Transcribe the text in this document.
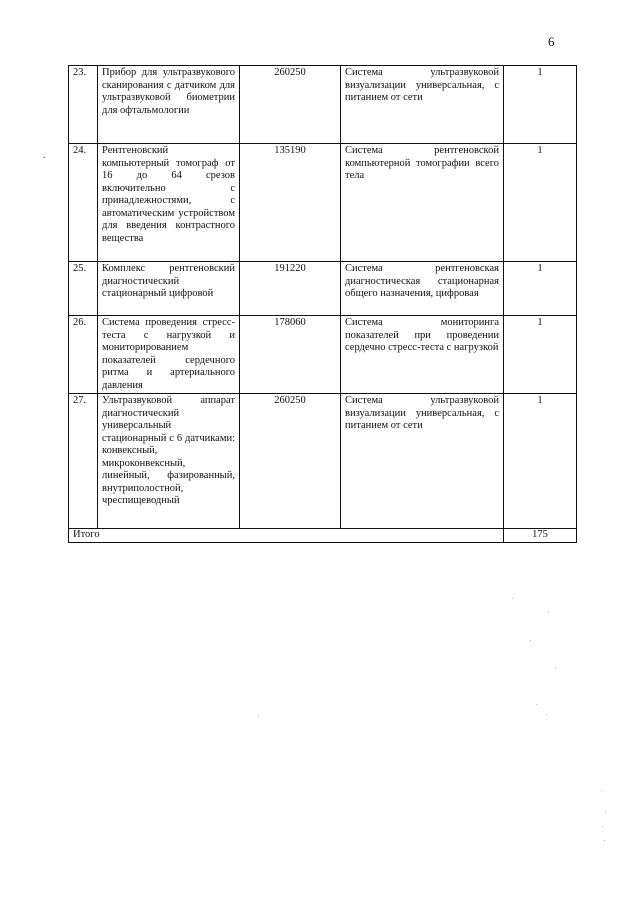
6
.
23.	Прибор для ультразвукового сканирования с датчиком для ультразвуковой биометрии для офтальмологии	260250	Система ультразвуковой визуализации универсальная, с питанием от сети	1
24.	Рентгеновский компьютерный томограф от 16 до 64 срезов включительно с принадлежностями, с автоматическим устройством для введения контрастного вещества	135190	Система рентгеновской компьютерной томографии всего тела	1
25.	Комплекс рентгеновский диагностический стационарный цифровой	191220	Система рентгеновская диагностическая стационарная общего назначения, цифровая	1
26.	Система проведения стресс-теста с нагрузкой и мониторированием показателей сердечного ритма и артериального давления	178060	Система мониторинга показателей при проведении сердечно стресс-теста с нагрузкой	1
27.	Ультразвуковой аппарат диагностический универсальный стационарный с 6 датчиками: конвексный, микроконвексный, линейный, фазированный, внутриполостной, чреспищеводный	260250	Система ультразвуковой визуализации универсальная, с питанием от сети	1
Итого				175
